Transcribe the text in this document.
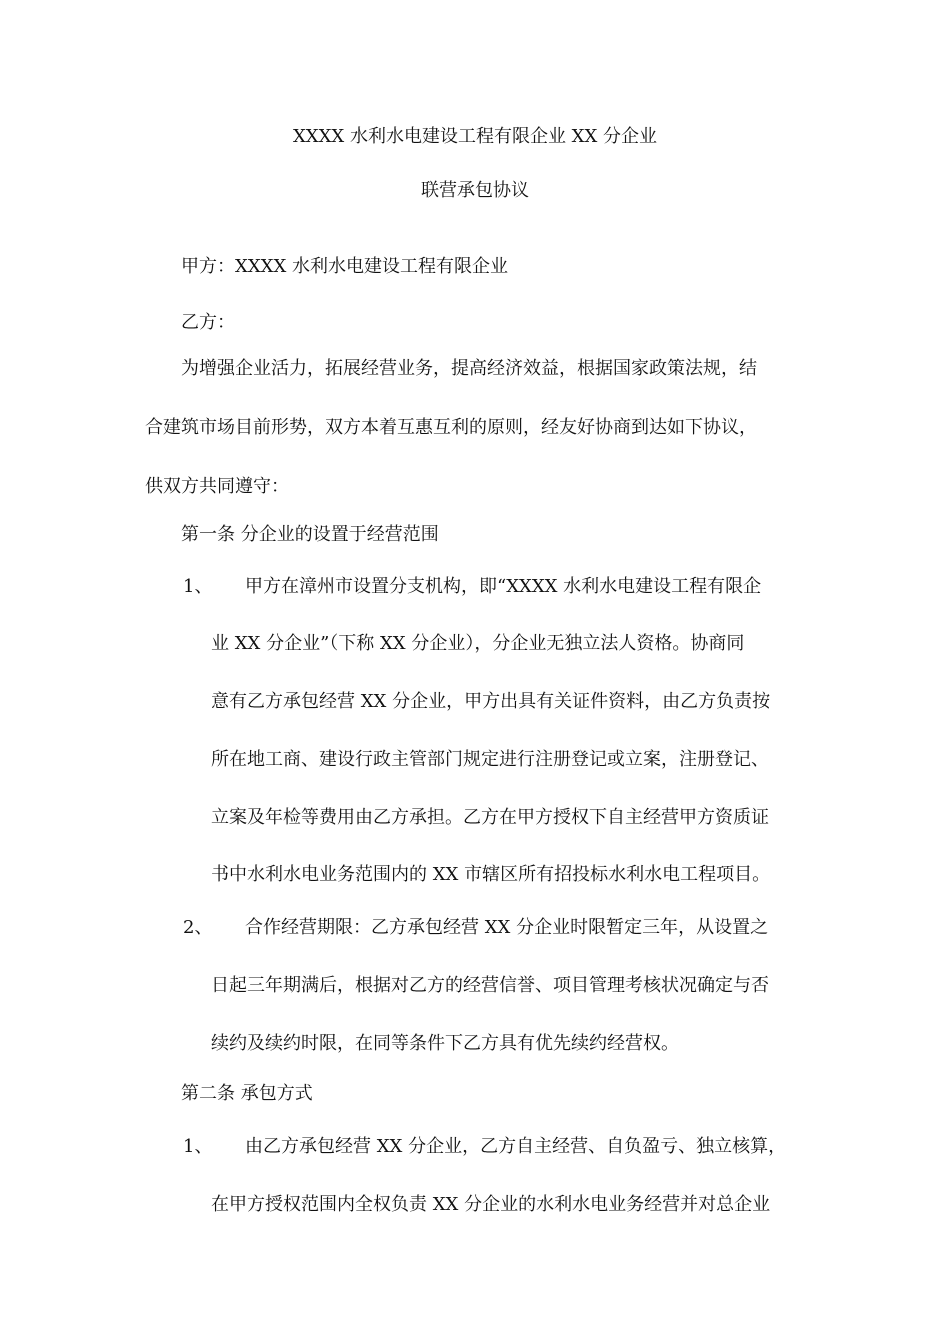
XXXX 水利水电建设工程有限企业 XX 分企业
联营承包协议
甲方：XXXX 水利水电建设工程有限企业
乙方：
为增强企业活力，拓展经营业务，提高经济效益，根据国家政策法规，结
合建筑市场目前形势，双方本着互惠互利的原则，经友好协商到达如下协议，
供双方共同遵守：
第一条 分企业的设置于经营范围
1、 甲方在漳州市设置分支机构，即“XXXX 水利水电建设工程有限企
业 XX 分企业”（下称 XX 分企业），分企业无独立法人资格。协商同
意有乙方承包经营 XX 分企业，甲方出具有关证件资料，由乙方负责按
所在地工商、建设行政主管部门规定进行注册登记或立案，注册登记、
立案及年检等费用由乙方承担。乙方在甲方授权下自主经营甲方资质证
书中水利水电业务范围内的 XX 市辖区所有招投标水利水电工程项目。
2、 合作经营期限：乙方承包经营 XX 分企业时限暂定三年，从设置之
日起三年期满后，根据对乙方的经营信誉、项目管理考核状况确定与否
续约及续约时限，在同等条件下乙方具有优先续约经营权。
第二条 承包方式
1、 由乙方承包经营 XX 分企业，乙方自主经营、自负盈亏、独立核算，
在甲方授权范围内全权负责 XX 分企业的水利水电业务经营并对总企业
